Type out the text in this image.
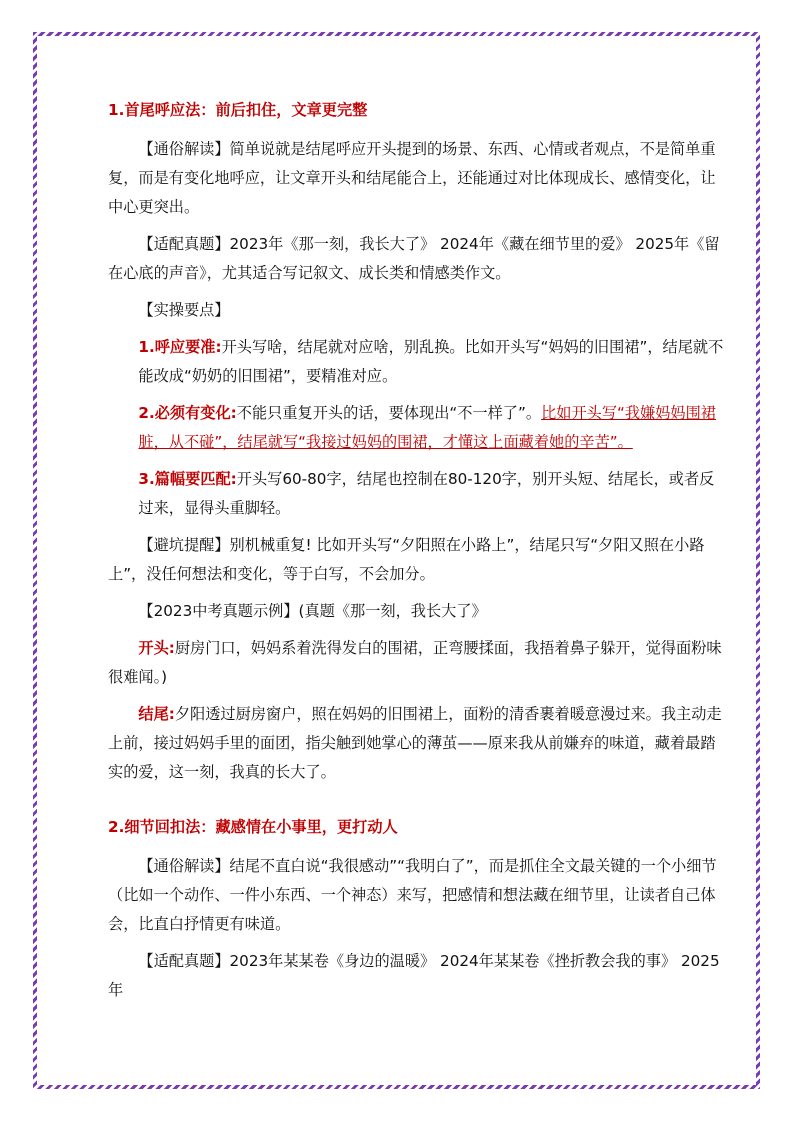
1.首尾呼应法：前后扣住，文章更完整

【通俗解读】简单说就是结尾呼应开头提到的场景、东西、心情或者观点，不是简单重复，而是有变化地呼应，让文章开头和结尾能合上，还能通过对比体现成长、感情变化，让中心更突出。

【适配真题】2023年《那一刻，我长大了》 2024年《藏在细节里的爱》 2025年《留在心底的声音》，尤其适合写记叙文、成长类和情感类作文。

【实操要点】

1.呼应要准:开头写啥，结尾就对应啥，别乱换。比如开头写“妈妈的旧围裙”，结尾就不能改成“奶奶的旧围裙”，要精准对应。

2.必须有变化:不能只重复开头的话，要体现出“不一样了”。比如开头写“我嫌妈妈围裙脏，从不碰”，结尾就写“我接过妈妈的围裙，才懂这上面藏着她的辛苦”。

3.篇幅要匹配:开头写60-80字，结尾也控制在80-120字，别开头短、结尾长，或者反过来，显得头重脚轻。

【避坑提醒】别机械重复! 比如开头写“夕阳照在小路上”，结尾只写“夕阳又照在小路上”，没任何想法和变化，等于白写，不会加分。

【2023中考真题示例】(真题《那一刻，我长大了》

开头:厨房门口，妈妈系着洗得发白的围裙，正弯腰揉面，我捂着鼻子躲开，觉得面粉味很难闻。)

结尾:夕阳透过厨房窗户，照在妈妈的旧围裙上，面粉的清香裹着暖意漫过来。我主动走上前，接过妈妈手里的面团，指尖触到她掌心的薄茧——原来我从前嫌弃的味道，藏着最踏实的爱，这一刻，我真的长大了。

2.细节回扣法：藏感情在小事里，更打动人

【通俗解读】结尾不直白说“我很感动”“我明白了”，而是抓住全文最关键的一个小细节（比如一个动作、一件小东西、一个神态）来写，把感情和想法藏在细节里，让读者自己体会，比直白抒情更有味道。

【适配真题】2023年某某卷《身边的温暖》 2024年某某卷《挫折教会我的事》 2025年
